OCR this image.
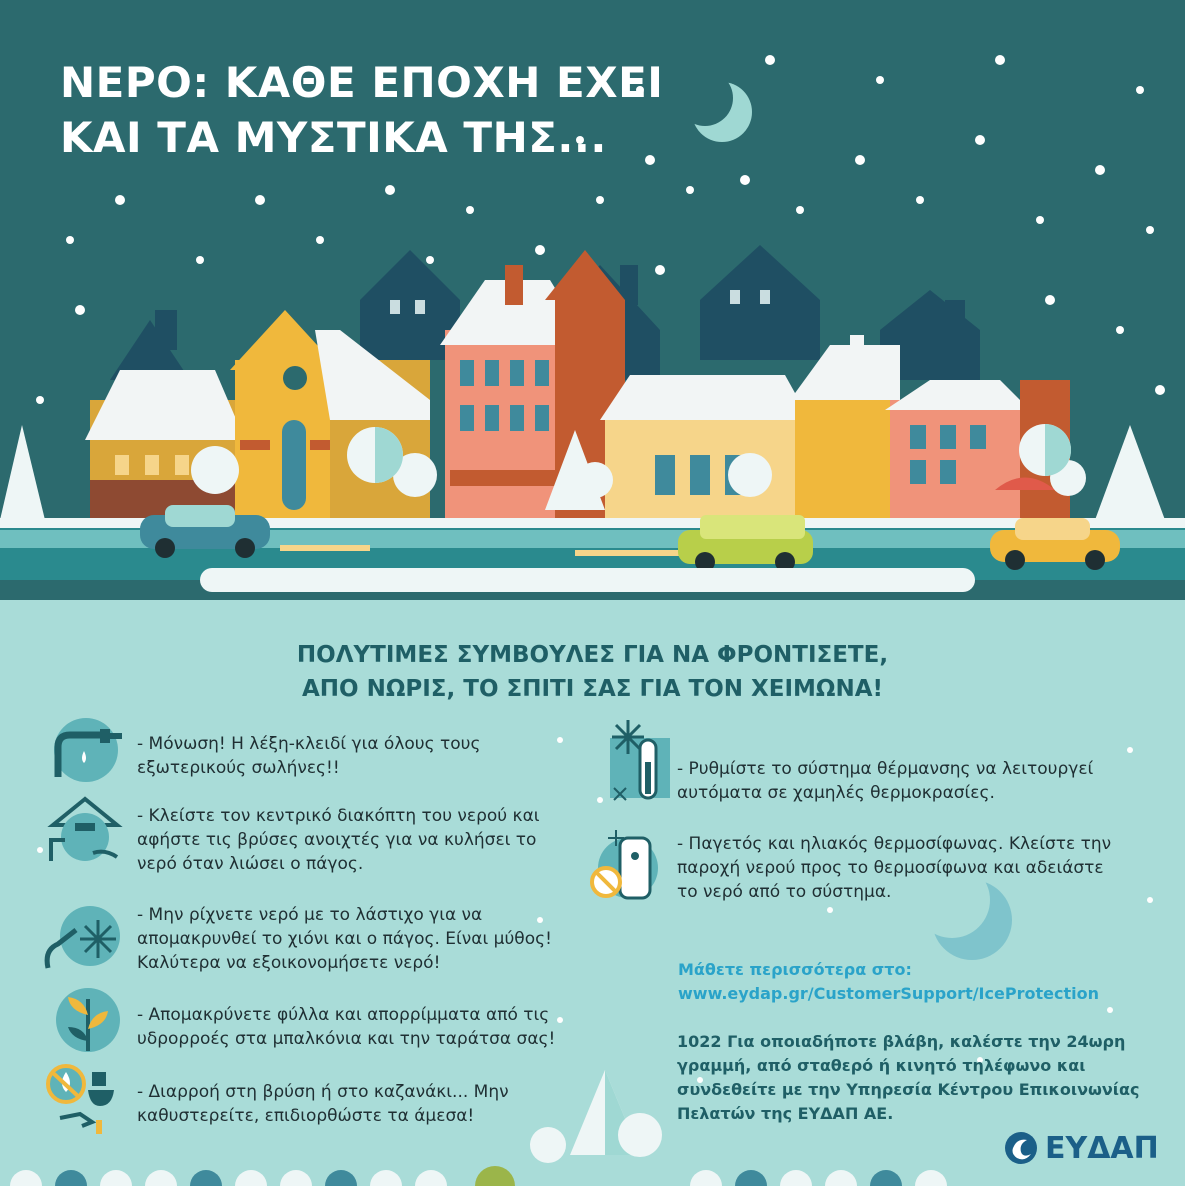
ΝΕΡΟ: ΚΑΘΕ ΕΠΟΧΗ ΕΧΕΙ
ΚΑΙ ΤΑ ΜΥΣΤΙΚΑ ΤΗΣ...
ΠΟΛΥΤΙΜΕΣ ΣΥΜΒΟΥΛΕΣ ΓΙΑ ΝΑ ΦΡΟΝΤΙΣΕΤΕ,
ΑΠΟ ΝΩΡΙΣ, ΤΟ ΣΠΙΤΙ ΣΑΣ ΓΙΑ ΤΟΝ ΧΕΙΜΩΝΑ!
- Μόνωση! Η λέξη-κλειδί για όλους τους
εξωτερικούς σωλήνες!!
- Κλείστε τον κεντρικό διακόπτη του νερού και
αφήστε τις βρύσες ανοιχτές για να κυλήσει το
νερό όταν λιώσει ο πάγος.
- Μην ρίχνετε νερό με το λάστιχο για να
απομακρυνθεί το χιόνι και ο πάγος. Είναι μύθος!
Καλύτερα να εξοικονομήσετε νερό!
- Απομακρύνετε φύλλα και απορρίμματα από τις
υδρορροές στα μπαλκόνια και την ταράτσα σας!
- Διαρροή στη βρύση ή στο καζανάκι... Μην
καθυστερείτε, επιδιορθώστε τα άμεσα!
- Ρυθμίστε το σύστημα θέρμανσης να λειτουργεί
αυτόματα σε χαμηλές θερμοκρασίες.
- Παγετός και ηλιακός θερμοσίφωνας. Κλείστε την
παροχή νερού προς το θερμοσίφωνα και αδειάστε
το νερό από το σύστημα.
Μάθετε περισσότερα στο:
www.eydap.gr/CustomerSupport/IceProtection
1022 Για οποιαδήποτε βλάβη, καλέστε την 24ωρη γραμμή, από σταθερό ή κινητό τηλέφωνο και συνδεθείτε με την Υπηρεσία Κέντρου Επικοινωνίας Πελατών της ΕΥΔΑΠ ΑΕ.
ΕΥΔΑΠ
